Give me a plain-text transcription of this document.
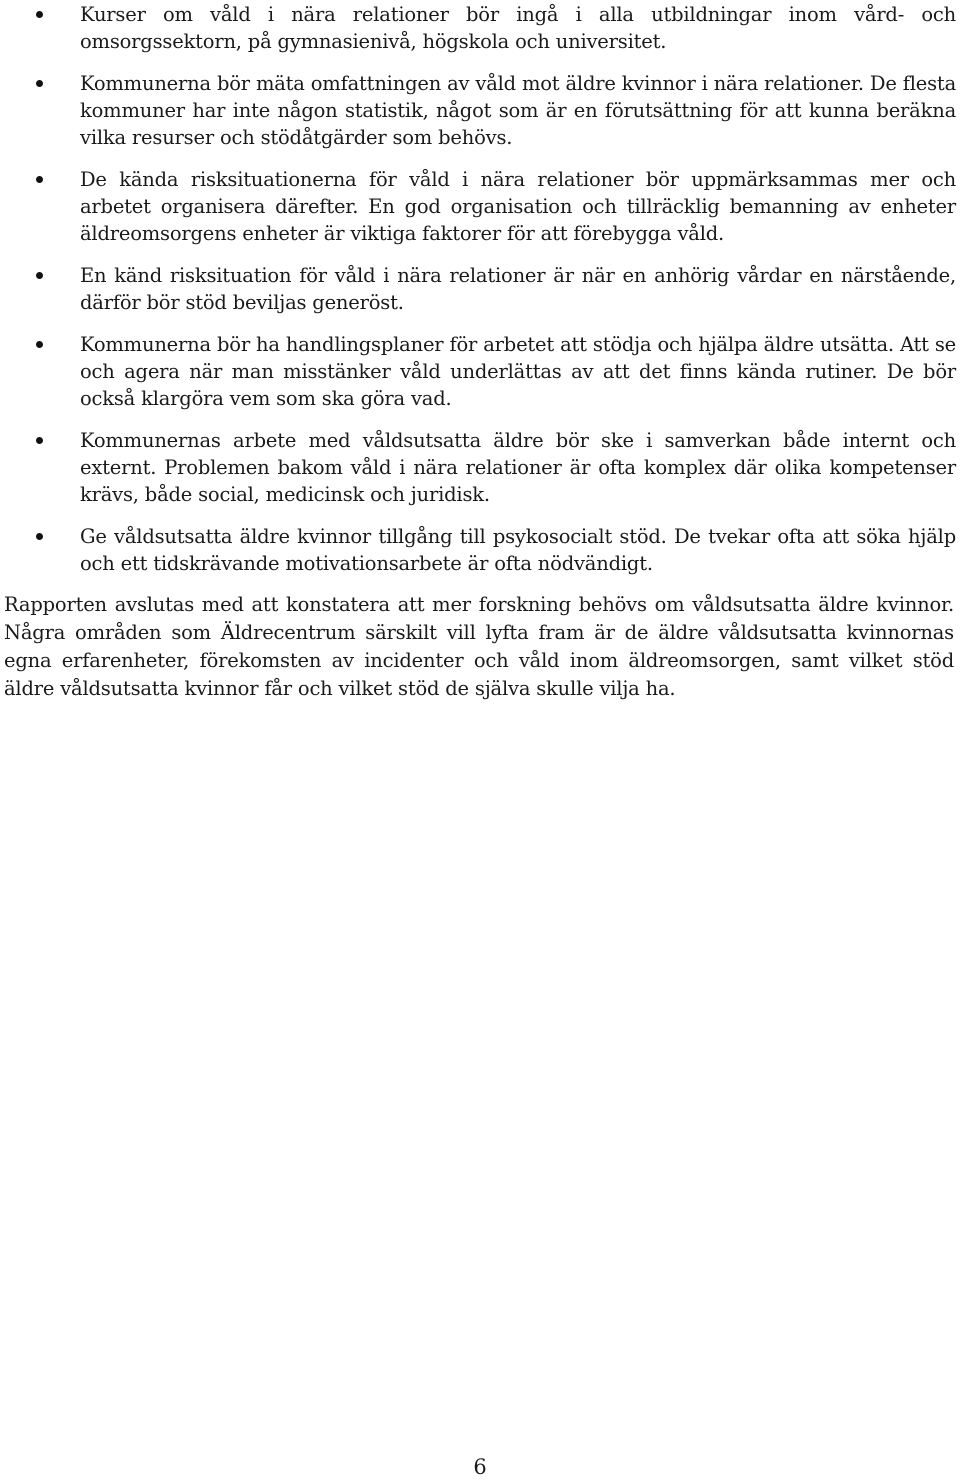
Kurser om våld i nära relationer bör ingå i alla utbildningar inom vård- och omsorgssektorn, på gymnasienivå, högskola och universitet.
Kommunerna bör mäta omfattningen av våld mot äldre kvinnor i nära relationer. De flesta kommuner har inte någon statistik, något som är en förutsättning för att kunna beräkna vilka resurser och stödåtgärder som behövs.
De kända risksituationerna för våld i nära relationer bör uppmärksammas mer och arbetet organisera därefter. En god organisation och tillräcklig bemanning av enheter äldreomsorgens enheter är viktiga faktorer för att förebygga våld.
En känd risksituation för våld i nära relationer är när en anhörig vårdar en närstående, därför bör stöd beviljas generöst.
Kommunerna bör ha handlingsplaner för arbetet att stödja och hjälpa äldre utsätta. Att se och agera när man misstänker våld underlättas av att det finns kända rutiner. De bör också klargöra vem som ska göra vad.
Kommunernas arbete med våldsutsatta äldre bör ske i samverkan både internt och externt. Problemen bakom våld i nära relationer är ofta komplex där olika kompetenser krävs, både social, medicinsk och juridisk.
Ge våldsutsatta äldre kvinnor tillgång till psykosocialt stöd. De tvekar ofta att söka hjälp och ett tidskrävande motivationsarbete är ofta nödvändigt.

Rapporten avslutas med att konstatera att mer forskning behövs om våldsutsatta äldre kvinnor. Några områden som Äldrecentrum särskilt vill lyfta fram är de äldre våldsutsatta kvinnornas egna erfarenheter, förekomsten av incidenter och våld inom äldreomsorgen, samt vilket stöd äldre våldsutsatta kvinnor får och vilket stöd de själva skulle vilja ha.

6
